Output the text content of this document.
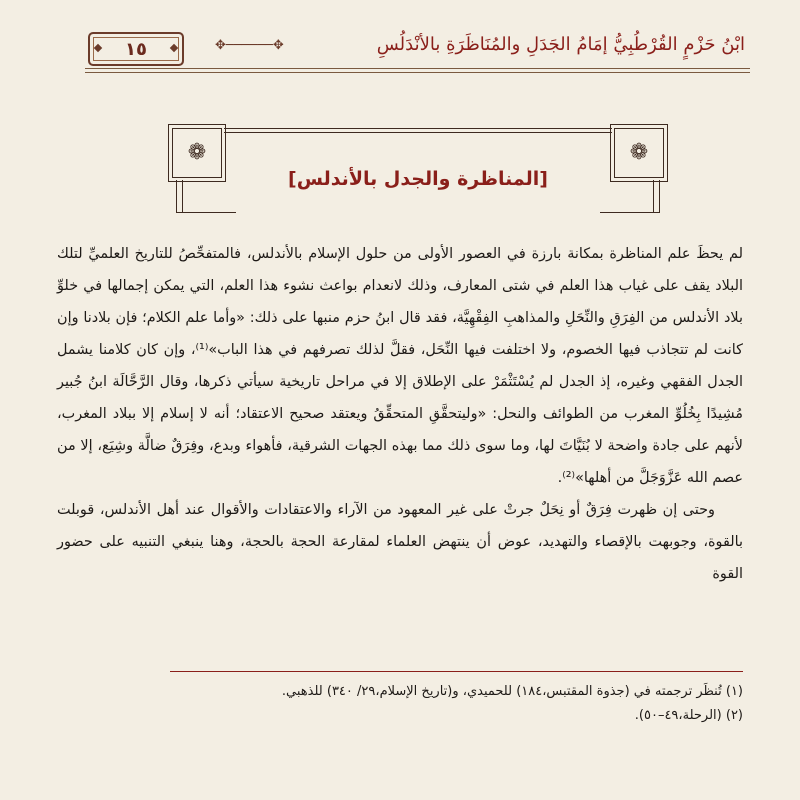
١٥	✥──────✥	ابْنُ حَزْمٍ القُرْطُبِيُّ إمَامُ الجَدَلِ والمُنَاظَرَةِ بالأنْدَلُسِ
❁	❁
[المناظرة والجدل بالأندلس]

لم يحظَ علم المناظرة بمكانة بارزة في العصور الأولى من حلول الإسلام بالأندلس، فالمتفحِّصُ للتاريخ العلميِّ لتلك البلاد يقف على غياب هذا العلم في شتى المعارف، وذلك لانعدام بواعث نشوء هذا العلم، التي يمكن إجمالها في خلوِّ بلاد الأندلس من الفِرَقِ والنِّحَلِ والمذاهبِ الفِقْهِيَّة، فقد قال ابنُ حزم منبها على ذلك: «وأما علم الكلام؛ فإن بلادنا وإن كانت لم تتجاذب فيها الخصوم، ولا اختلفت فيها النِّحَل، فقلَّ لذلك تصرفهم في هذا الباب»⁽¹⁾، وإن كان كلامنا يشمل الجدل الفقهي وغيره، إذ الجدل لم يُسْتَثْمَرْ على الإطلاق إلا في مراحل تاريخية سيأتي ذكرها، وقال الرَّحَّالَة ابنُ جُبير مُشِيدًا بِخُلُوِّ المغرب من الطوائف والنحل: «وليتحقَّقِ المتحقِّقُ ويعتقد صحيح الاعتقاد؛ أنه لا إسلام إلا ببلاد المغرب، لأنهم على جادة واضحة لا بُنَيَّاتَ لها، وما سوى ذلك مما بهذه الجهات الشرقية، فأهواء وبدع، وفِرَقٌ ضالَّة وشِيَع، إلا من عصم الله عَزَّوَجَلَّ من أهلها»⁽²⁾.

وحتى إن ظهرت فِرَقٌ أو نِحَلٌ جرتْ على غير المعهود من الآراء والاعتقادات والأقوال عند أهل الأندلس، قوبلت بالقوة، وجوبهت بالإقصاء والتهديد، عوض أن ينتهض العلماء لمقارعة الحجة بالحجة، وهنا ينبغي التنبيه على حضور القوة

(١) تُنظَر ترجمته في (جذوة المقتبس،١٨٤) للحميدي، و(تاريخ الإسلام،٢٩/ ٣٤٠) للذهبي.

(٢) (الرحلة،٤٩–٥٠).
